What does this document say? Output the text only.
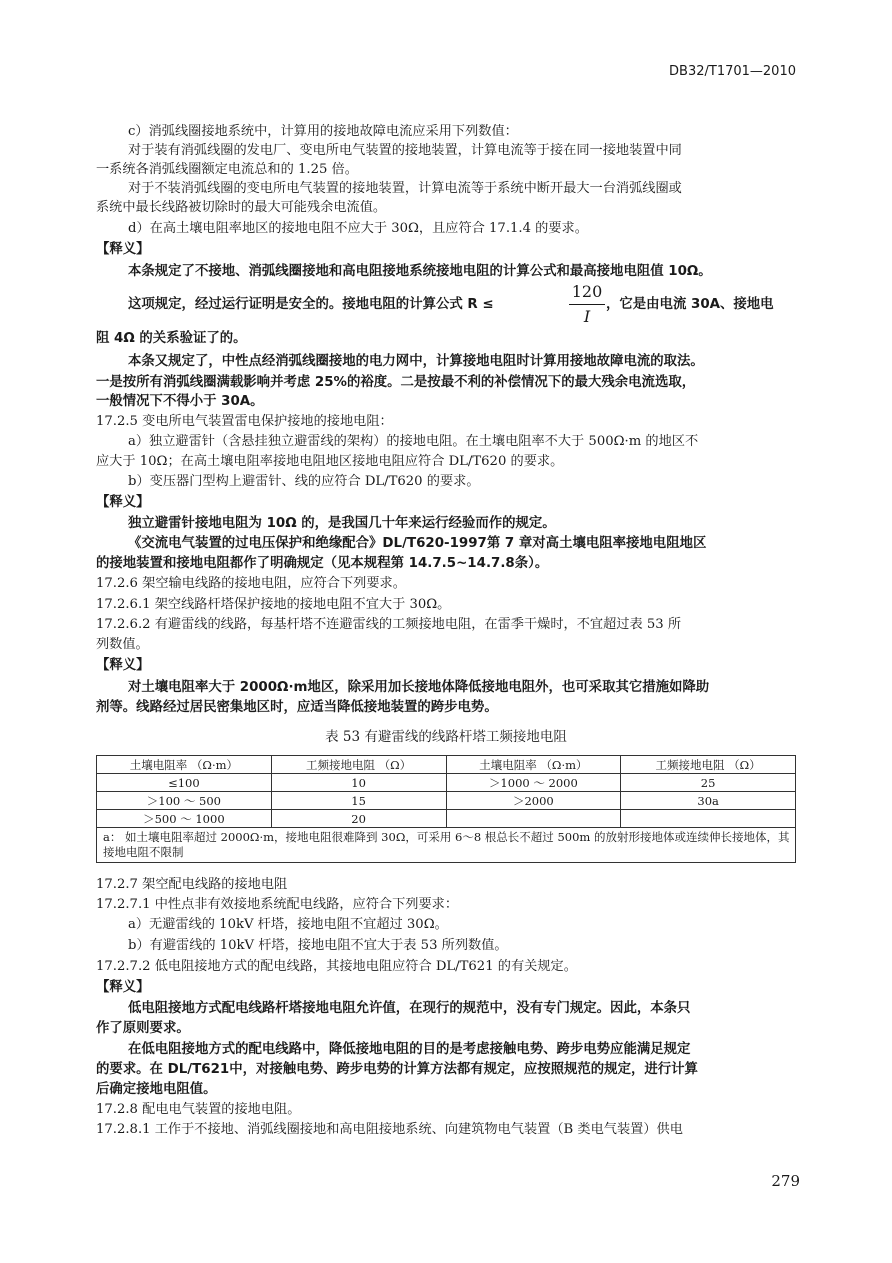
DB32/T1701—2010
c）消弧线圈接地系统中，计算用的接地故障电流应采用下列数值：
对于装有消弧线圈的发电厂、变电所电气装置的接地装置，计算电流等于接在同一接地装置中同
一系统各消弧线圈额定电流总和的 1.25 倍。
对于不装消弧线圈的变电所电气装置的接地装置，计算电流等于系统中断开最大一台消弧线圈或
系统中最长线路被切除时的最大可能残余电流值。
d）在高土壤电阻率地区的接地电阻不应大于 30Ω，且应符合 17.1.4 的要求。
【释义】
本条规定了不接地、消弧线圈接地和高电阻接地系统接地电阻的计算公式和最高接地电阻值 10Ω。
这项规定，经过运行证明是安全的。接地电阻的计算公式 R ≤
120
I
，它是由电流 30A、接地电
阻 4Ω 的关系验证了的。
本条又规定了，中性点经消弧线圈接地的电力网中，计算接地电阻时计算用接地故障电流的取法。
一是按所有消弧线圈满载影响并考虑 25%的裕度。二是按最不利的补偿情况下的最大残余电流选取，
一般情况下不得小于 30A。
17.2.5 变电所电气装置雷电保护接地的接地电阻：
a）独立避雷针（含悬挂独立避雷线的架构）的接地电阻。在土壤电阻率不大于 500Ω·m 的地区不
应大于 10Ω；在高土壤电阻率接地电阻地区接地电阻应符合 DL/T620 的要求。
b）变压器门型构上避雷针、线的应符合 DL/T620 的要求。
【释义】
独立避雷针接地电阻为 10Ω 的，是我国几十年来运行经验而作的规定。
《交流电气装置的过电压保护和绝缘配合》DL/T620-1997第 7 章对高土壤电阻率接地电阻地区
的接地装置和接地电阻都作了明确规定（见本规程第 14.7.5~14.7.8条）。
17.2.6 架空输电线路的接地电阻，应符合下列要求。
17.2.6.1 架空线路杆塔保护接地的接地电阻不宜大于 30Ω。
17.2.6.2 有避雷线的线路，每基杆塔不连避雷线的工频接地电阻，在雷季干燥时，不宜超过表 53 所
列数值。
【释义】
对土壤电阻率大于 2000Ω·m地区，除采用加长接地体降低接地电阻外，也可采取其它措施如降助
剂等。线路经过居民密集地区时，应适当降低接地装置的跨步电势。
表 53 有避雷线的线路杆塔工频接地电阻
土壤电阻率 （Ω·m）	工频接地电阻 （Ω）	土壤电阻率 （Ω·m）	工频接地电阻 （Ω）
≤100	10	＞1000 ～ 2000	25
＞100 ～ 500	15	＞2000	30a
＞500 ～ 1000	20		
a： 如土壤电阻率超过 2000Ω·m，接地电阻很难降到 30Ω，可采用 6～8 根总长不超过 500m 的放射形接地体或连续伸长接地体，其接地电阻不限制			
17.2.7 架空配电线路的接地电阻
17.2.7.1 中性点非有效接地系统配电线路，应符合下列要求：
a）无避雷线的 10kV 杆塔，接地电阻不宜超过 30Ω。
b）有避雷线的 10kV 杆塔，接地电阻不宜大于表 53 所列数值。
17.2.7.2 低电阻接地方式的配电线路，其接地电阻应符合 DL/T621 的有关规定。
【释义】
低电阻接地方式配电线路杆塔接地电阻允许值，在现行的规范中，没有专门规定。因此，本条只
作了原则要求。
在低电阻接地方式的配电线路中，降低接地电阻的目的是考虑接触电势、跨步电势应能满足规定
的要求。在 DL/T621中，对接触电势、跨步电势的计算方法都有规定，应按照规范的规定，进行计算
后确定接地电阻值。
17.2.8 配电电气装置的接地电阻。
17.2.8.1 工作于不接地、消弧线圈接地和高电阻接地系统、向建筑物电气装置（B 类电气装置）供电
279
